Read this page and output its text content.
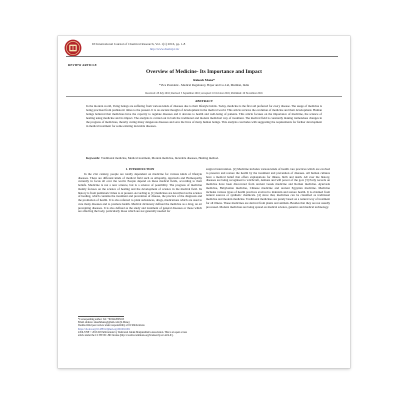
IJI International Journal of Chemical Research, Vol. 1(1) 2016, pp. 1-8
http://www.chem.ijcr.in/
REVIEW ARTICLE
Overview of Medicine- Its Importance and Impact
Rakesh Mane*
*Vice President - Medical Regulatory, Bayer and Co.Ltd, Mumbai, India
Received: 28 July 2016; Revised: 5 September 2016; Accepted: 10 October 2016; Published: 20 November 2016
ABSTRACT
In the modern world, living beings are suffering from various kinds of diseases due to their lifestyle habits. Today, medicine is the first aid preferred for every disease. The usage of medicine is being practised from prehistoric times to the present. It is an ancient thought of development in the medical world. This article reviews the evolution of medicine and their development. Human beings believed that medicines have the capacity to regulate diseases and it devotes to health and well-being of patients. This article focuses on the importance of medicine, the science of healing using medicine and its impact. The analysis is carried out in both the traditional and modern medicinal way of treatment. The medical field is constantly making tremendous changes in the progress of medicines, thereby curing many dangerous diseases and save the lives of many human beings. This analysis concludes with suggesting the requirements for further development in medical treatment for some existing incurable diseases.
Keywords: Traditional medicine, Medical treatment, Modern medicine, Incurable diseases, Healing method.
1. INTRODUCTION

In the 21st century, people are totally dependent on medicine for various kinds of lifestyle diseases. There are different kinds of medical field such as Allopathy, Ayurveda and Homeopathy currently in focus all over the world. People depend on these medical fields, according to their beliefs. Medicine is not a new science, but is a science of possibility. The progress of medicine mainly focuses on the science of healing and the development of science in the medical field. Its history is from prehistoric times to at present. According to [1] medicines are described as the science of healing, which contains the treatment and prevention of disease, the practice of the diagnosis and the promotion of health. It is also referred to plant substances, drugs, medications which are used to cure many diseases and to promote health. Medical dictionary defined the medicine as a drug, an art preventing diseases. It is also defined as the study and treatment of general diseases or those which are affecting the body, particularly those which are not generally needed for

surgical intervention. [2] Medicine includes various kinds of health care practices which are evolved to preserve and restore the health by the treatment and prevention of diseases. All human cultures have a medical belief that offers explanations for illness, birth and death. All over the history, diseases are being recognised to witchcraft, demons and will power of the god. [3] Early records on medicine have been discovered from ancient Greek medicine and Roman medicine. Ayurveda medicine, Babylonian medicine, Chinese medicine and ancient Egyptian medicine. Medicine includes various types of health practices evolved to maintain and restore health. It is obtained from natural sources or synthetic chemicals. [4] since that, medicines can be classified as traditional medicine and modern medicine. Traditional medicines are purely based on a natural way of treatment for all illness. These medicines are derived from plants and animals. Besides that they are not usually processed. Modern medicines are being spread on medical science, genetics and medical technology.

*Corresponding author: Tel: +918422095025
Email address: rakeshmane@gmail.com (R.Mane)
Double-blind peer review under responsibility of DJ Publications
https://dx.doi.org/10.18831/djmed.org/2016011001
2456-5768 © 2016 DJ Publications by Dedicated Janaki Manjanathan's Association. This is an open access
article under the CC BY-NC-ND license (http://creativecommons.org/licenses/by-nc-nd/4.0/).
